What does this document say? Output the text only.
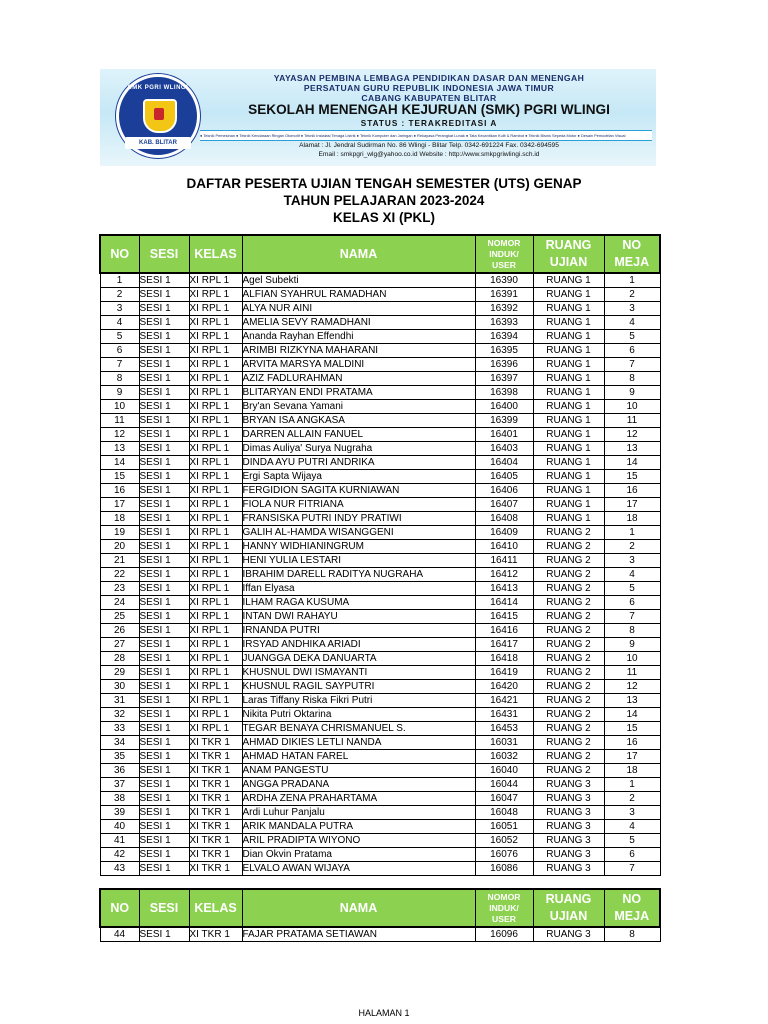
SMK PGRI WLINGI
KAB. BLITAR
YAYASAN PEMBINA LEMBAGA PENDIDIKAN DASAR DAN MENENGAH
PERSATUAN GURU REPUBLIK INDONESIA JAWA TIMUR
CABANG KABUPATEN BLITAR
SEKOLAH MENENGAH KEJURUAN (SMK) PGRI WLINGI
STATUS : TERAKREDITASI A
● Teknik Pemesinan ● Teknik Kendaraan Ringan Otomotif ● Teknik Instalasi Tenaga Listrik ● Teknik Komputer dan Jaringan ● Rekayasa Perangkat Lunak ● Tata Kecantikan Kulit & Rambut ● Teknik Bisnis Sepeda Motor ● Desain Pemodelan Visual
Alamat : Jl. Jendral Sudirman No. 86 Wlingi - Blitar Telp. 0342-691224 Fax. 0342-694595
Email : smkpgri_wlg@yahoo.co.id Website : http://www.smkpgriwlingi.sch.id
DAFTAR PESERTA UJIAN TENGAH SEMESTER (UTS) GENAP
TAHUN PELAJARAN 2023-2024
KELAS XI (PKL)
NO	SESI	KELAS	NAMA	NOMOR
INDUK/
USER	RUANG
UJIAN	NO
MEJA
1	SESI 1	XI RPL 1	Agel Subekti	16390	RUANG 1	1
2	SESI 1	XI RPL 1	ALFIAN SYAHRUL RAMADHAN	16391	RUANG 1	2
3	SESI 1	XI RPL 1	ALYA NUR AINI	16392	RUANG 1	3
4	SESI 1	XI RPL 1	AMELIA SEVY RAMADHANI	16393	RUANG 1	4
5	SESI 1	XI RPL 1	Ananda Rayhan Effendhi	16394	RUANG 1	5
6	SESI 1	XI RPL 1	ARIMBI RIZKYNA MAHARANI	16395	RUANG 1	6
7	SESI 1	XI RPL 1	ARVITA MARSYA MALDINI	16396	RUANG 1	7
8	SESI 1	XI RPL 1	AZIZ FADLURAHMAN	16397	RUANG 1	8
9	SESI 1	XI RPL 1	BLITARYAN ENDI PRATAMA	16398	RUANG 1	9
10	SESI 1	XI RPL 1	Bry'an Sevana Yamani	16400	RUANG 1	10
11	SESI 1	XI RPL 1	BRYAN ISA ANGKASA	16399	RUANG 1	11
12	SESI 1	XI RPL 1	DARREN ALLAIN FANUEL	16401	RUANG 1	12
13	SESI 1	XI RPL 1	Dimas Auliya' Surya Nugraha	16403	RUANG 1	13
14	SESI 1	XI RPL 1	DINDA AYU PUTRI ANDRIKA	16404	RUANG 1	14
15	SESI 1	XI RPL 1	Ergi Sapta Wijaya	16405	RUANG 1	15
16	SESI 1	XI RPL 1	FERGIDION SAGITA KURNIAWAN	16406	RUANG 1	16
17	SESI 1	XI RPL 1	FIOLA NUR FITRIANA	16407	RUANG 1	17
18	SESI 1	XI RPL 1	FRANSISKA PUTRI INDY PRATIWI	16408	RUANG 1	18
19	SESI 1	XI RPL 1	GALIH AL-HAMDA WISANGGENI	16409	RUANG 2	1
20	SESI 1	XI RPL 1	HANNY WIDHIANINGRUM	16410	RUANG 2	2
21	SESI 1	XI RPL 1	HENI YULIA LESTARI	16411	RUANG 2	3
22	SESI 1	XI RPL 1	IBRAHIM DARELL RADITYA NUGRAHA	16412	RUANG 2	4
23	SESI 1	XI RPL 1	Iffan Elyasa	16413	RUANG 2	5
24	SESI 1	XI RPL 1	ILHAM RAGA KUSUMA	16414	RUANG 2	6
25	SESI 1	XI RPL 1	INTAN DWI RAHAYU	16415	RUANG 2	7
26	SESI 1	XI RPL 1	IRNANDA PUTRI	16416	RUANG 2	8
27	SESI 1	XI RPL 1	IRSYAD ANDHIKA ARIADI	16417	RUANG 2	9
28	SESI 1	XI RPL 1	JUANGGA DEKA DANUARTA	16418	RUANG 2	10
29	SESI 1	XI RPL 1	KHUSNUL DWI ISMAYANTI	16419	RUANG 2	11
30	SESI 1	XI RPL 1	KHUSNUL RAGIL SAYPUTRI	16420	RUANG 2	12
31	SESI 1	XI RPL 1	Laras Tiffany Riska Fikri Putri	16421	RUANG 2	13
32	SESI 1	XI RPL 1	Nikita Putri Oktarina	16431	RUANG 2	14
33	SESI 1	XI RPL 1	TEGAR BENAYA CHRISMANUEL S.	16453	RUANG 2	15
34	SESI 1	XI TKR 1	AHMAD DIKIES LETLI NANDA	16031	RUANG 2	16
35	SESI 1	XI TKR 1	AHMAD HATAN FAREL	16032	RUANG 2	17
36	SESI 1	XI TKR 1	ANAM PANGESTU	16040	RUANG 2	18
37	SESI 1	XI TKR 1	ANGGA PRADANA	16044	RUANG 3	1
38	SESI 1	XI TKR 1	ARDHA ZENA PRAHARTAMA	16047	RUANG 3	2
39	SESI 1	XI TKR 1	Ardi Luhur Panjalu	16048	RUANG 3	3
40	SESI 1	XI TKR 1	ARIK MANDALA PUTRA	16051	RUANG 3	4
41	SESI 1	XI TKR 1	ARIL PRADIPTA WIYONO	16052	RUANG 3	5
42	SESI 1	XI TKR 1	Dian Okvin Pratama	16076	RUANG 3	6
43	SESI 1	XI TKR 1	ELVALO AWAN WIJAYA	16086	RUANG 3	7
NO	SESI	KELAS	NAMA	NOMOR
INDUK/
USER	RUANG
UJIAN	NO
MEJA
44	SESI 1	XI TKR 1	FAJAR PRATAMA SETIAWAN	16096	RUANG 3	8
HALAMAN 1
